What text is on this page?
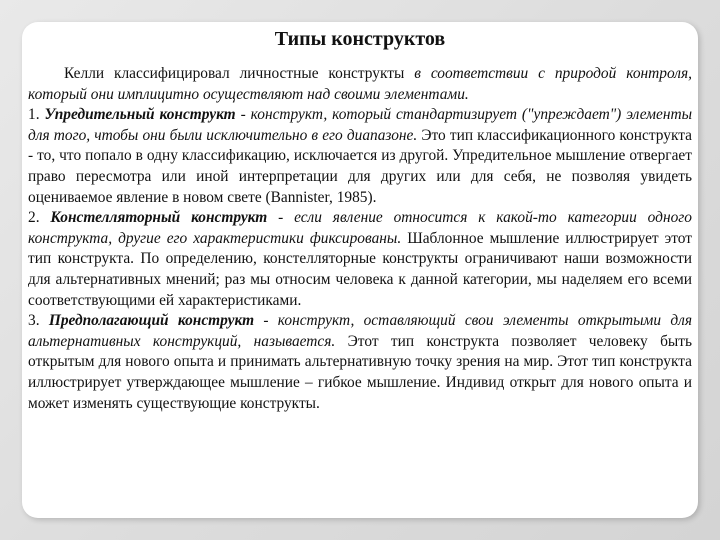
Типы конструктов

Келли классифицировал личностные конструкты в соответствии с природой контроля, который они имплицитно осуществляют над своими элементами.

1. Упредительный конструкт - конструкт, который стандартизирует ("упреждает") элементы для того, чтобы они были исключительно в его диапазоне. Это тип классификационного конструкта - то, что попало в одну классификацию, исключается из другой. Упредительное мышление отвергает право пересмотра или иной интерпретации для других или для себя, не позволяя увидеть оцениваемое явление в новом свете (Bannister, 1985).

2. Констелляторный конструкт - если явление относится к какой-то категории одного конструкта, другие его характеристики фиксированы. Шаблонное мышление иллюстрирует этот тип конструкта. По определению, констелляторные конструкты ограничивают наши возможности для альтернативных мнений; раз мы относим человека к данной категории, мы наделяем его всеми соответствующими ей характеристиками.

3. Предполагающий конструкт - конструкт, оставляющий свои элементы открытыми для альтернативных конструкций, называется. Этот тип конструкта позволяет человеку быть открытым для нового опыта и принимать альтернативную точку зрения на мир. Этот тип конструкта иллюстрирует утверждающее мышление – гибкое мышление. Индивид открыт для нового опыта и может изменять существующие конструкты.
